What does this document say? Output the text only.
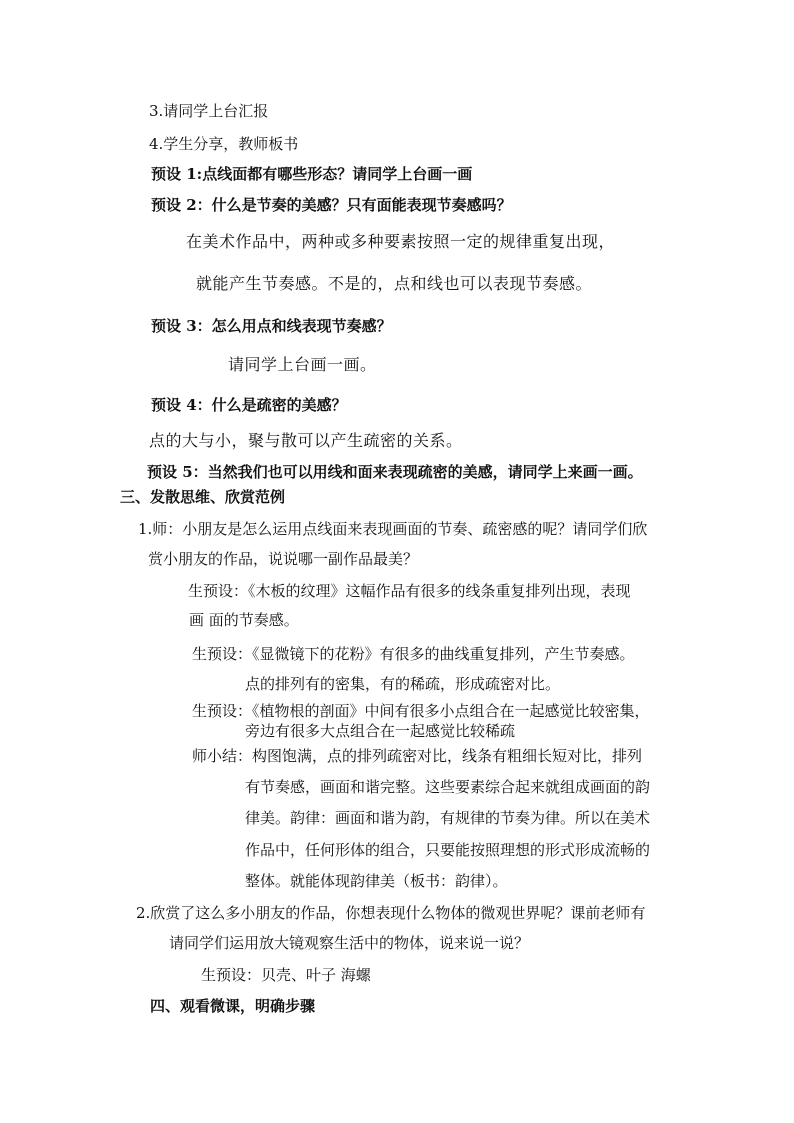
3.请同学上台汇报
4.学生分享，教师板书
预设 1:点线面都有哪些形态？请同学上台画一画
预设 2：什么是节奏的美感？只有面能表现节奏感吗？
在美术作品中，两种或多种要素按照一定的规律重复出现，
就能产生节奏感。不是的，点和线也可以表现节奏感。
预设 3：怎么用点和线表现节奏感？
请同学上台画一画。
预设 4：什么是疏密的美感？
点的大与小，聚与散可以产生疏密的关系。
预设 5：当然我们也可以用线和面来表现疏密的美感，请同学上来画一画。
三、发散思维、欣赏范例
1.师：小朋友是怎么运用点线面来表现画面的节奏、疏密感的呢？请同学们欣
赏小朋友的作品，说说哪一副作品最美？
生预设：《木板的纹理》这幅作品有很多的线条重复排列出现，表现
画 面的节奏感。
生预设：《显微镜下的花粉》有很多的曲线重复排列，产生节奏感。
点的排列有的密集，有的稀疏，形成疏密对比。
生预设：《植物根的剖面》中间有很多小点组合在一起感觉比较密集，
旁边有很多大点组合在一起感觉比较稀疏
师小结：构图饱满，点的排列疏密对比，线条有粗细长短对比，排列
有节奏感，画面和谐完整。这些要素综合起来就组成画面的韵
律美。韵律：画面和谐为韵，有规律的节奏为律。所以在美术
作品中，任何形体的组合，只要能按照理想的形式形成流畅的
整体。就能体现韵律美（板书：韵律）。
2.欣赏了这么多小朋友的作品，你想表现什么物体的微观世界呢？课前老师有
请同学们运用放大镜观察生活中的物体，说来说一说？
生预设：贝壳、叶子 海螺
四、观看微课，明确步骤
